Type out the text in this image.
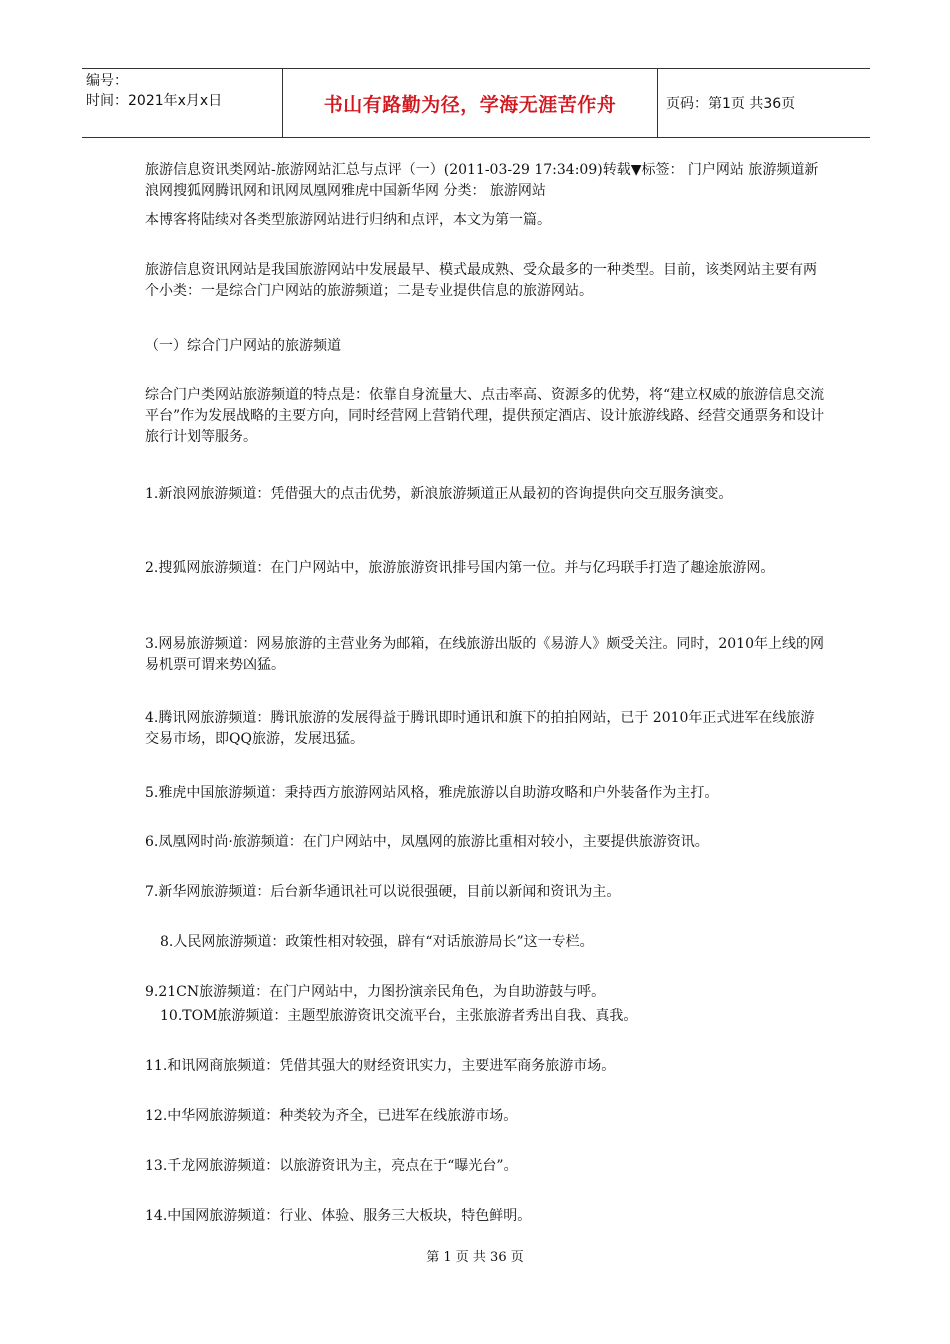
编号：
时间：2021年x月x日	书山有路勤为径，学海无涯苦作舟	页码：第1页 共36页

旅游信息资讯类网站-旅游网站汇总与点评（一）(2011-03-29 17:34:09)转载▼标签： 门户网站 旅游频道新浪网搜狐网腾讯网和讯网凤凰网雅虎中国新华网 分类： 旅游网站

本博客将陆续对各类型旅游网站进行归纳和点评，本文为第一篇。

旅游信息资讯网站是我国旅游网站中发展最早、模式最成熟、受众最多的一种类型。目前，该类网站主要有两个小类：一是综合门户网站的旅游频道；二是专业提供信息的旅游网站。

（一）综合门户网站的旅游频道

综合门户类网站旅游频道的特点是：依靠自身流量大、点击率高、资源多的优势，将“建立权威的旅游信息交流平台”作为发展战略的主要方向，同时经营网上营销代理，提供预定酒店、设计旅游线路、经营交通票务和设计旅行计划等服务。

1.新浪网旅游频道：凭借强大的点击优势，新浪旅游频道正从最初的咨询提供向交互服务演变。

2.搜狐网旅游频道：在门户网站中，旅游旅游资讯排号国内第一位。并与亿玛联手打造了趣途旅游网。

3.网易旅游频道：网易旅游的主营业务为邮箱，在线旅游出版的《易游人》颇受关注。同时，2010年上线的网易机票可谓来势凶猛。

4.腾讯网旅游频道：腾讯旅游的发展得益于腾讯即时通讯和旗下的拍拍网站，已于 2010年正式进军在线旅游交易市场，即QQ旅游，发展迅猛。

5.雅虎中国旅游频道：秉持西方旅游网站风格，雅虎旅游以自助游攻略和户外装备作为主打。

6.凤凰网时尚·旅游频道：在门户网站中，凤凰网的旅游比重相对较小，主要提供旅游资讯。

7.新华网旅游频道：后台新华通讯社可以说很强硬，目前以新闻和资讯为主。

8.人民网旅游频道：政策性相对较强，辟有“对话旅游局长”这一专栏。

9.21CN旅游频道：在门户网站中，力图扮演亲民角色，为自助游鼓与呼。

10.TOM旅游频道：主题型旅游资讯交流平台，主张旅游者秀出自我、真我。

11.和讯网商旅频道：凭借其强大的财经资讯实力，主要进军商务旅游市场。

12.中华网旅游频道：种类较为齐全，已进军在线旅游市场。

13.千龙网旅游频道：以旅游资讯为主，亮点在于“曝光台”。

14.中国网旅游频道：行业、体验、服务三大板块，特色鲜明。

第 1 页 共 36 页
